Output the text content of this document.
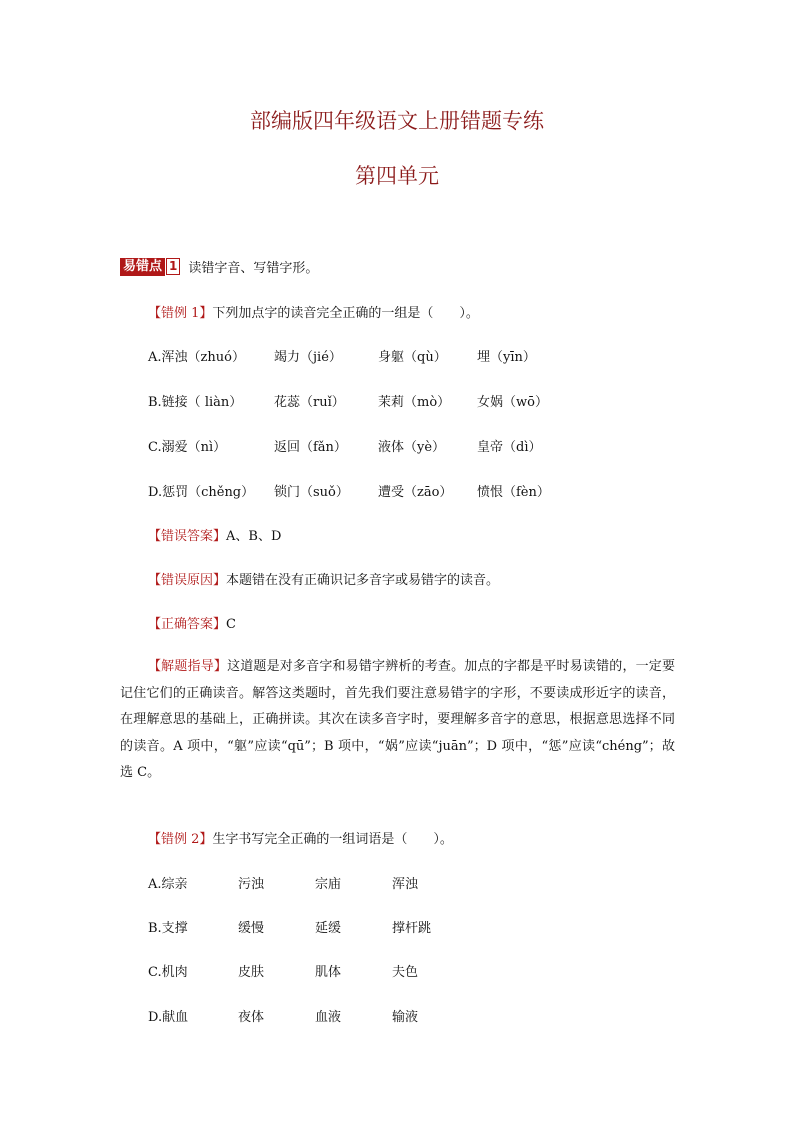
部编版四年级语文上册错题专练
第四单元
易错点 1 读错字音、写错字形。
【错例 1】下列加点字的读音完全正确的一组是（　　）。
A.浑浊（zhuó） 竭力（jié）	身躯（qù） 埋（yīn）
B.链接（ liàn） 花蕊（ruǐ）	茉莉（mò） 女娲（wō）
C.溺爱（nì）	返回（fǎn） 液体（yè） 皇帝（dì）
D.惩罚（chěng） 锁门（suǒ） 遭受（zāo） 愤恨（fèn）
【错误答案】A、B、D
【错误原因】本题错在没有正确识记多音字或易错字的读音。
【正确答案】C
【解题指导】这道题是对多音字和易错字辨析的考查。加点的字都是平时易读错的，一定要记住它们的正确读音。解答这类题时，首先我们要注意易错字的字形，不要读成形近字的读音，在理解意思的基础上，正确拼读。其次在读多音字时，要理解多音字的意思，根据意思选择不同的读音。A 项中，“躯”应读“qū”；B 项中，“娲”应读“juān”；D 项中，“惩”应读“chéng”；故选 C。
【错例 2】生字书写完全正确的一组词语是（　　）。
A.综亲	污浊	宗庙	浑浊
B.支撑	缓慢	延缓	撑杆跳
C.机肉	皮肤	肌体	夫色
D.献血	夜体	血液	输液
